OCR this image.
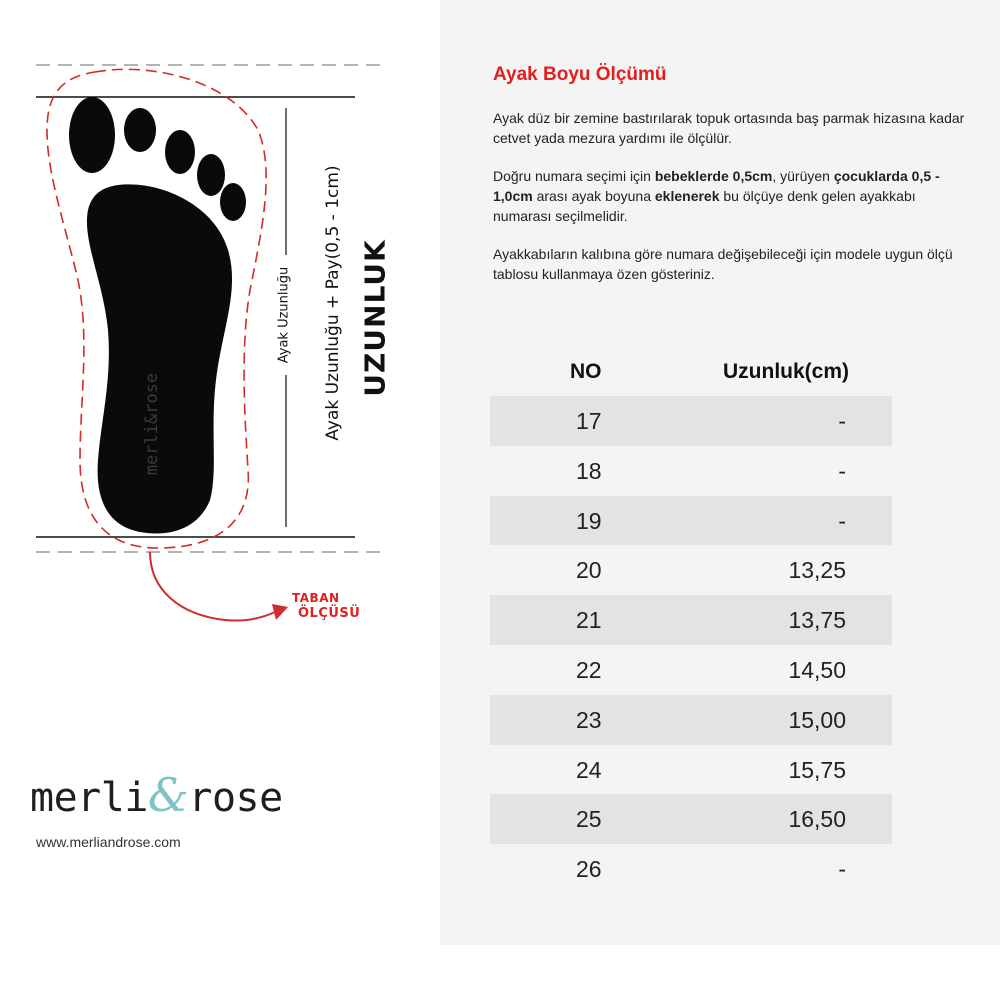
Ayak Uzunluğu Ayak Uzunluğu + Pay(0,5 - 1cm) UZUNLUK
merli&rose
TABAN
ÖLÇÜSÜ
merli&rose
www.merliandrose.com
Ayak Boyu Ölçümü
Ayak düz bir zemine bastırılarak topuk ortasında baş parmak hizasına kadar cetvet yada mezura yardımı ile ölçülür.
Doğru numara seçimi için bebeklerde 0,5cm, yürüyen çocuklarda 0,5 - 1,0cm arası ayak boyuna eklenerek bu ölçüye denk gelen ayakkabı numarası seçilmelidir.
Ayakkabıların kalıbına göre numara değişebileceği için modele uygun ölçü tablosu kullanmaya özen gösteriniz.
NO	Uzunluk(cm)
17	-
18	-
19	-
20	13,25
21	13,75
22	14,50
23	15,00
24	15,75
25	16,50
26	-
